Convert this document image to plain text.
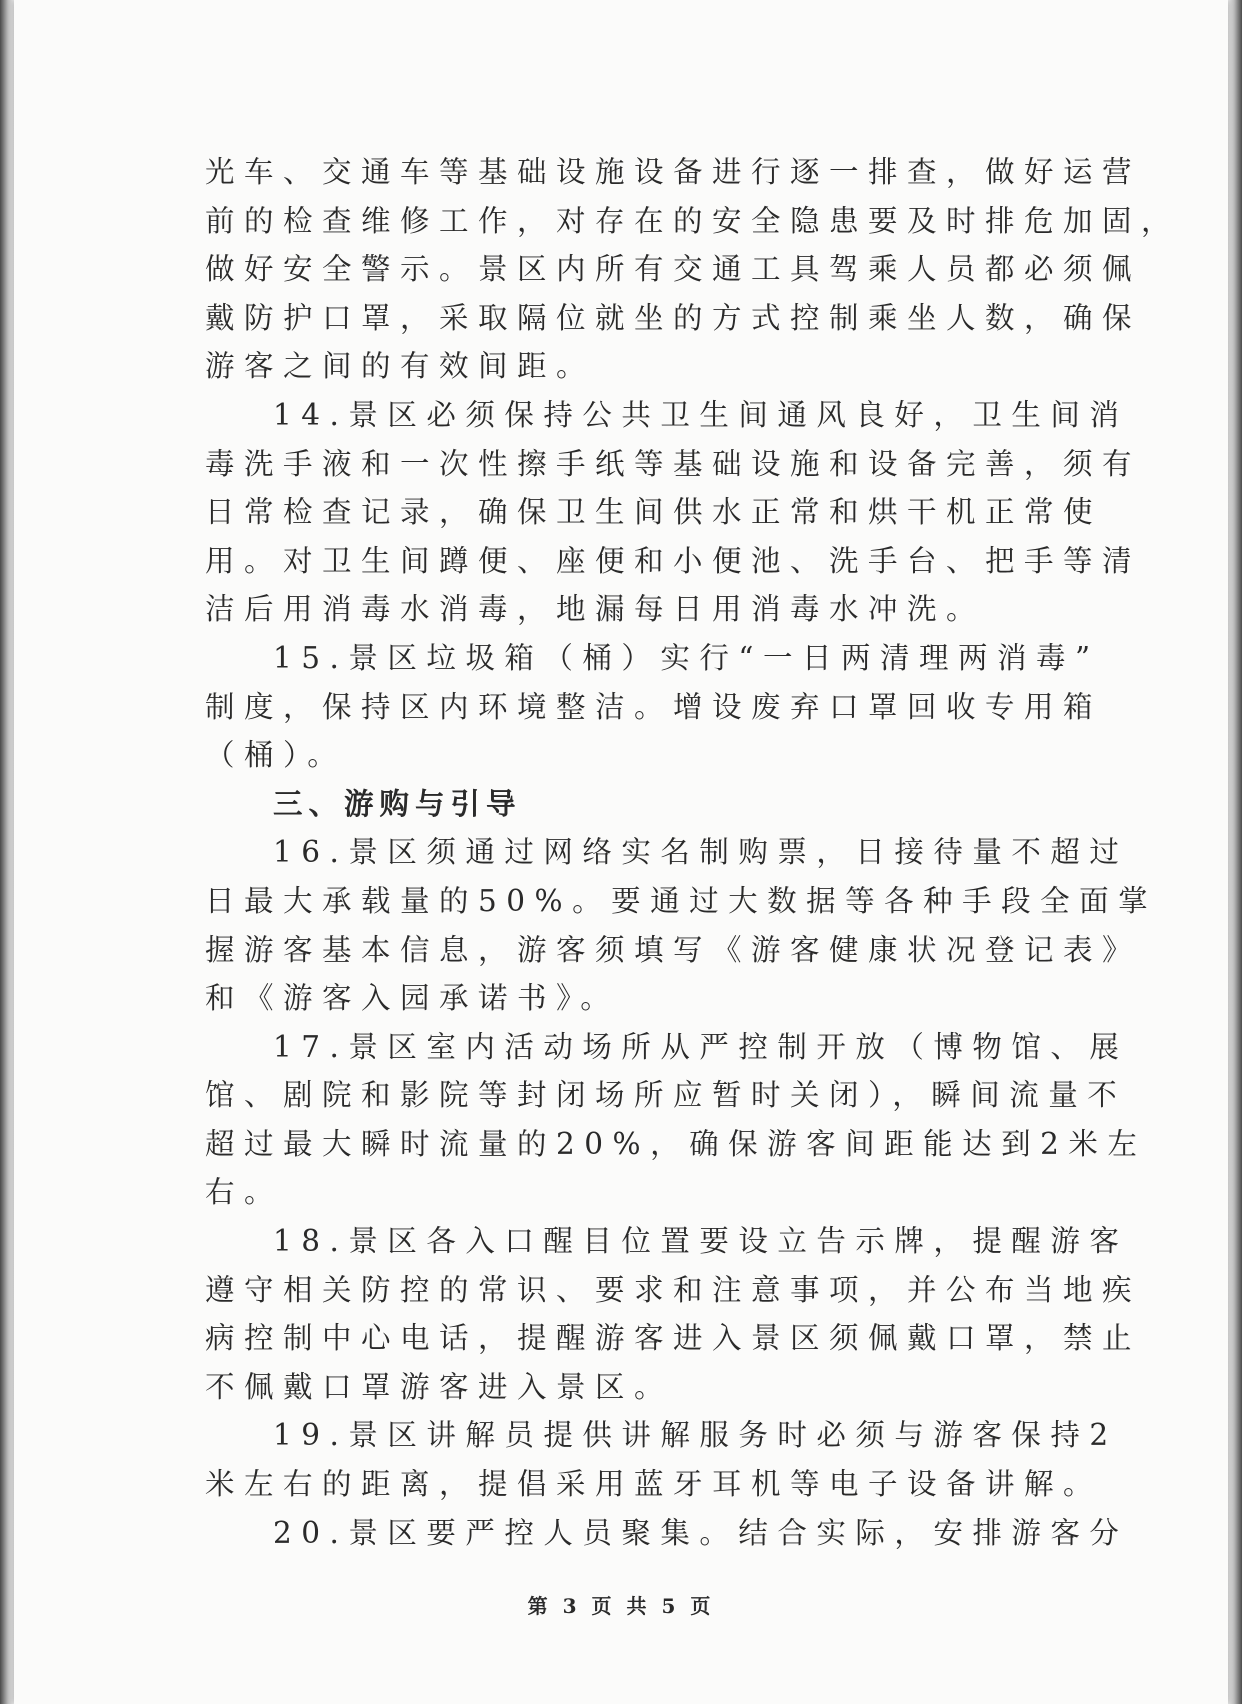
光车、交通车等基础设施设备进行逐一排查，做好运营
前的检查维修工作，对存在的安全隐患要及时排危加固，
做好安全警示。景区内所有交通工具驾乘人员都必须佩
戴防护口罩，采取隔位就坐的方式控制乘坐人数，确保
游客之间的有效间距。
14.景区必须保持公共卫生间通风良好，卫生间消
毒洗手液和一次性擦手纸等基础设施和设备完善，须有
日常检查记录，确保卫生间供水正常和烘干机正常使
用。对卫生间蹲便、座便和小便池、洗手台、把手等清
洁后用消毒水消毒，地漏每日用消毒水冲洗。
15.景区垃圾箱（桶）实行“一日两清理两消毒”
制度，保持区内环境整洁。增设废弃口罩回收专用箱
（桶）。
三、游购与引导
16.景区须通过网络实名制购票，日接待量不超过
日最大承载量的50%。要通过大数据等各种手段全面掌
握游客基本信息，游客须填写《游客健康状况登记表》
和《游客入园承诺书》。
17.景区室内活动场所从严控制开放（博物馆、展
馆、剧院和影院等封闭场所应暂时关闭），瞬间流量不
超过最大瞬时流量的20%，确保游客间距能达到2米左
右。
18.景区各入口醒目位置要设立告示牌，提醒游客
遵守相关防控的常识、要求和注意事项，并公布当地疾
病控制中心电话，提醒游客进入景区须佩戴口罩，禁止
不佩戴口罩游客进入景区。
19.景区讲解员提供讲解服务时必须与游客保持2
米左右的距离，提倡采用蓝牙耳机等电子设备讲解。
20.景区要严控人员聚集。结合实际，安排游客分
第 3 页 共 5 页
